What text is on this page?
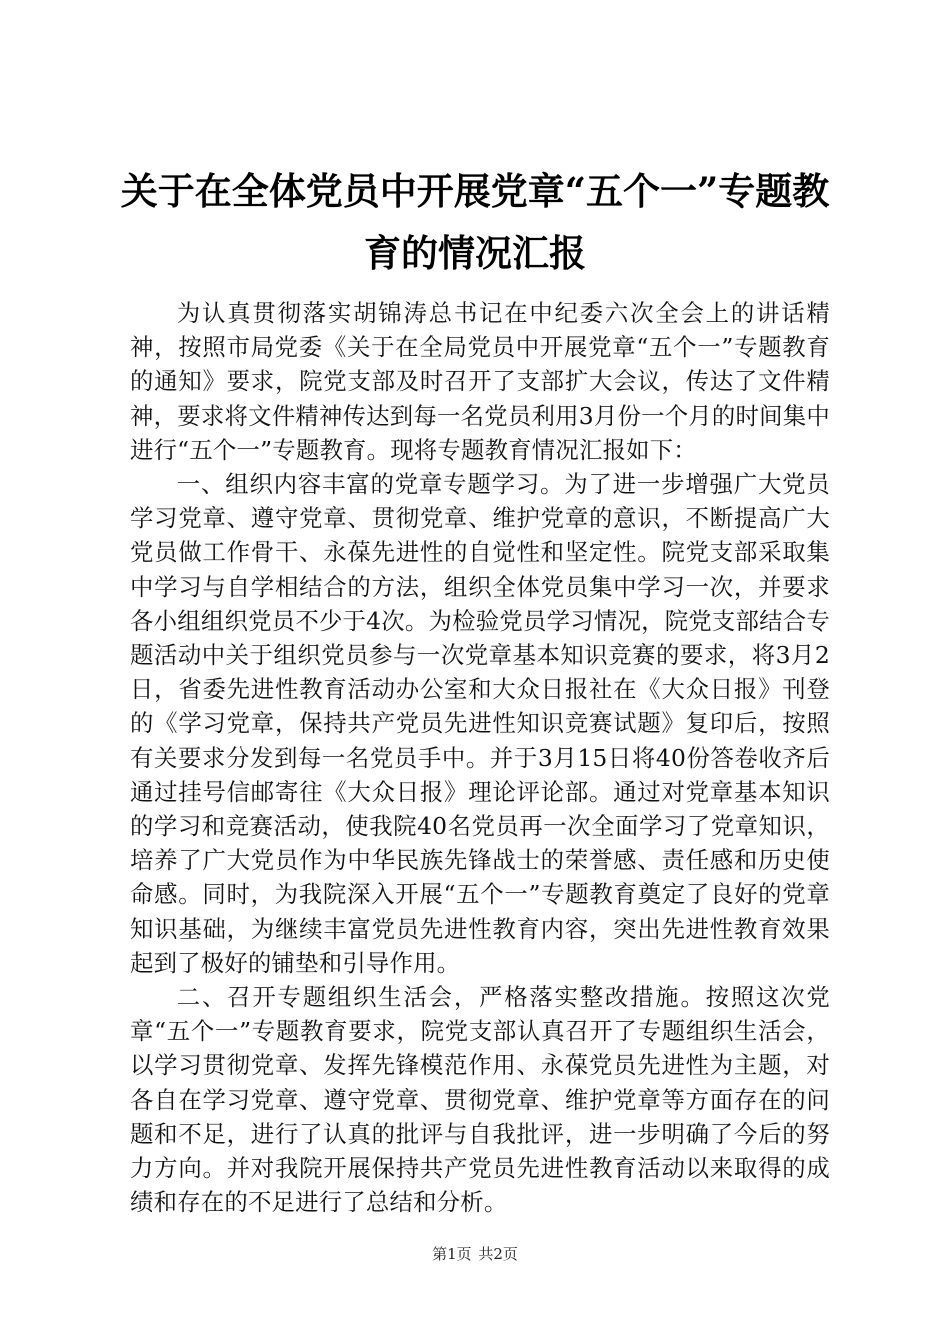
关于在全体党员中开展党章“五个一”专题教育的情况汇报

为认真贯彻落实胡锦涛总书记在中纪委六次全会上的讲话精神，按照市局党委《关于在全局党员中开展党章“五个一”专题教育的通知》要求，院党支部及时召开了支部扩大会议，传达了文件精神，要求将文件精神传达到每一名党员利用3月份一个月的时间集中进行“五个一”专题教育。现将专题教育情况汇报如下：

一、组织内容丰富的党章专题学习。为了进一步增强广大党员学习党章、遵守党章、贯彻党章、维护党章的意识，不断提高广大党员做工作骨干、永葆先进性的自觉性和坚定性。院党支部采取集中学习与自学相结合的方法，组织全体党员集中学习一次，并要求各小组组织党员不少于4次。为检验党员学习情况，院党支部结合专题活动中关于组织党员参与一次党章基本知识竞赛的要求，将3月2日，省委先进性教育活动办公室和大众日报社在《大众日报》刊登的《学习党章，保持共产党员先进性知识竞赛试题》复印后，按照有关要求分发到每一名党员手中。并于3月15日将40份答卷收齐后通过挂号信邮寄往《大众日报》理论评论部。通过对党章基本知识的学习和竞赛活动，使我院40名党员再一次全面学习了党章知识，培养了广大党员作为中华民族先锋战士的荣誉感、责任感和历史使命感。同时，为我院深入开展“五个一”专题教育奠定了良好的党章知识基础，为继续丰富党员先进性教育内容，突出先进性教育效果起到了极好的铺垫和引导作用。

二、召开专题组织生活会，严格落实整改措施。按照这次党章“五个一”专题教育要求，院党支部认真召开了专题组织生活会，以学习贯彻党章、发挥先锋模范作用、永葆党员先进性为主题，对各自在学习党章、遵守党章、贯彻党章、维护党章等方面存在的问题和不足，进行了认真的批评与自我批评，进一步明确了今后的努力方向。并对我院开展保持共产党员先进性教育活动以来取得的成绩和存在的不足进行了总结和分析。

第1页 共2页
